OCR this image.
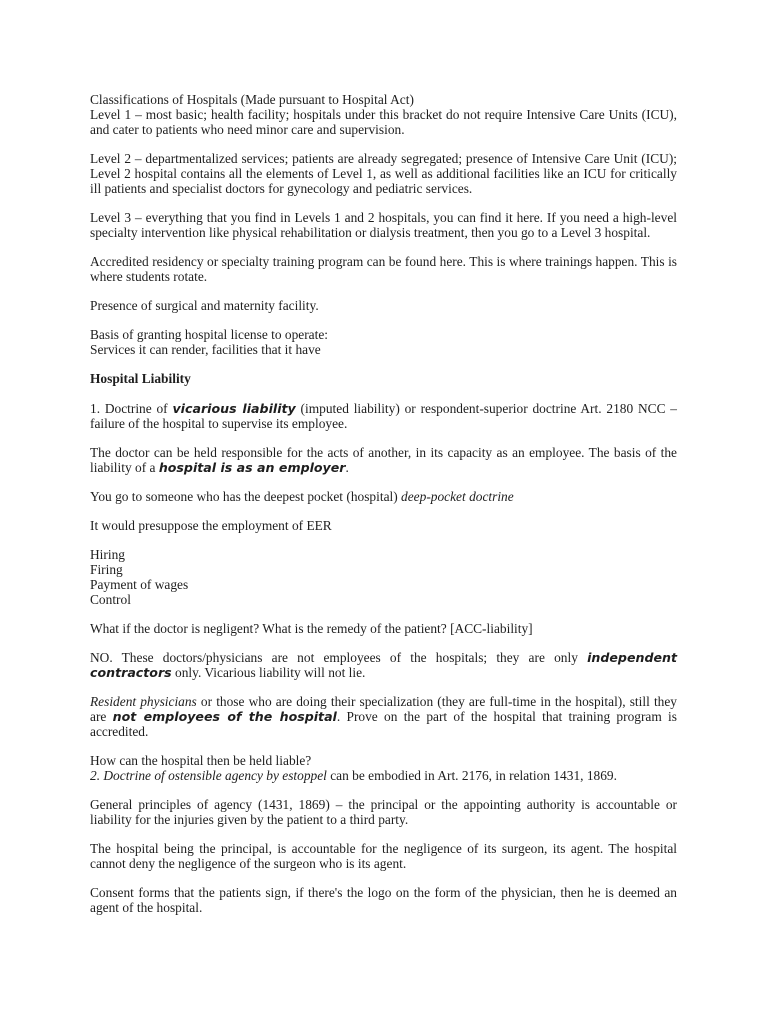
Classifications of Hospitals (Made pursuant to Hospital Act)
Level 1 – most basic; health facility; hospitals under this bracket do not require Intensive Care Units (ICU), and cater to patients who need minor care and supervision.

Level 2 – departmentalized services; patients are already segregated; presence of Intensive Care Unit (ICU); Level 2 hospital contains all the elements of Level 1, as well as additional facilities like an ICU for critically ill patients and specialist doctors for gynecology and pediatric services.

Level 3 – everything that you find in Levels 1 and 2 hospitals, you can find it here. If you need a high-level specialty intervention like physical rehabilitation or dialysis treatment, then you go to a Level 3 hospital.

Accredited residency or specialty training program can be found here. This is where trainings happen. This is where students rotate.

Presence of surgical and maternity facility.

Basis of granting hospital license to operate:
Services it can render, facilities that it have

Hospital Liability

1. Doctrine of vicarious liability (imputed liability) or respondent-superior doctrine Art. 2180 NCC – failure of the hospital to supervise its employee.

The doctor can be held responsible for the acts of another, in its capacity as an employee. The basis of the liability of a hospital is as an employer.

You go to someone who has the deepest pocket (hospital) deep-pocket doctrine

It would presuppose the employment of EER

Hiring
Firing
Payment of wages
Control

What if the doctor is negligent? What is the remedy of the patient? [ACC-liability]

NO. These doctors/physicians are not employees of the hospitals; they are only independent contractors only. Vicarious liability will not lie.

Resident physicians or those who are doing their specialization (they are full-time in the hospital), still they are not employees of the hospital. Prove on the part of the hospital that training program is accredited.

How can the hospital then be held liable?
2. Doctrine of ostensible agency by estoppel can be embodied in Art. 2176, in relation 1431, 1869.

General principles of agency (1431, 1869) – the principal or the appointing authority is accountable or liability for the injuries given by the patient to a third party.

The hospital being the principal, is accountable for the negligence of its surgeon, its agent. The hospital cannot deny the negligence of the surgeon who is its agent.

Consent forms that the patients sign, if there's the logo on the form of the physician, then he is deemed an agent of the hospital.
